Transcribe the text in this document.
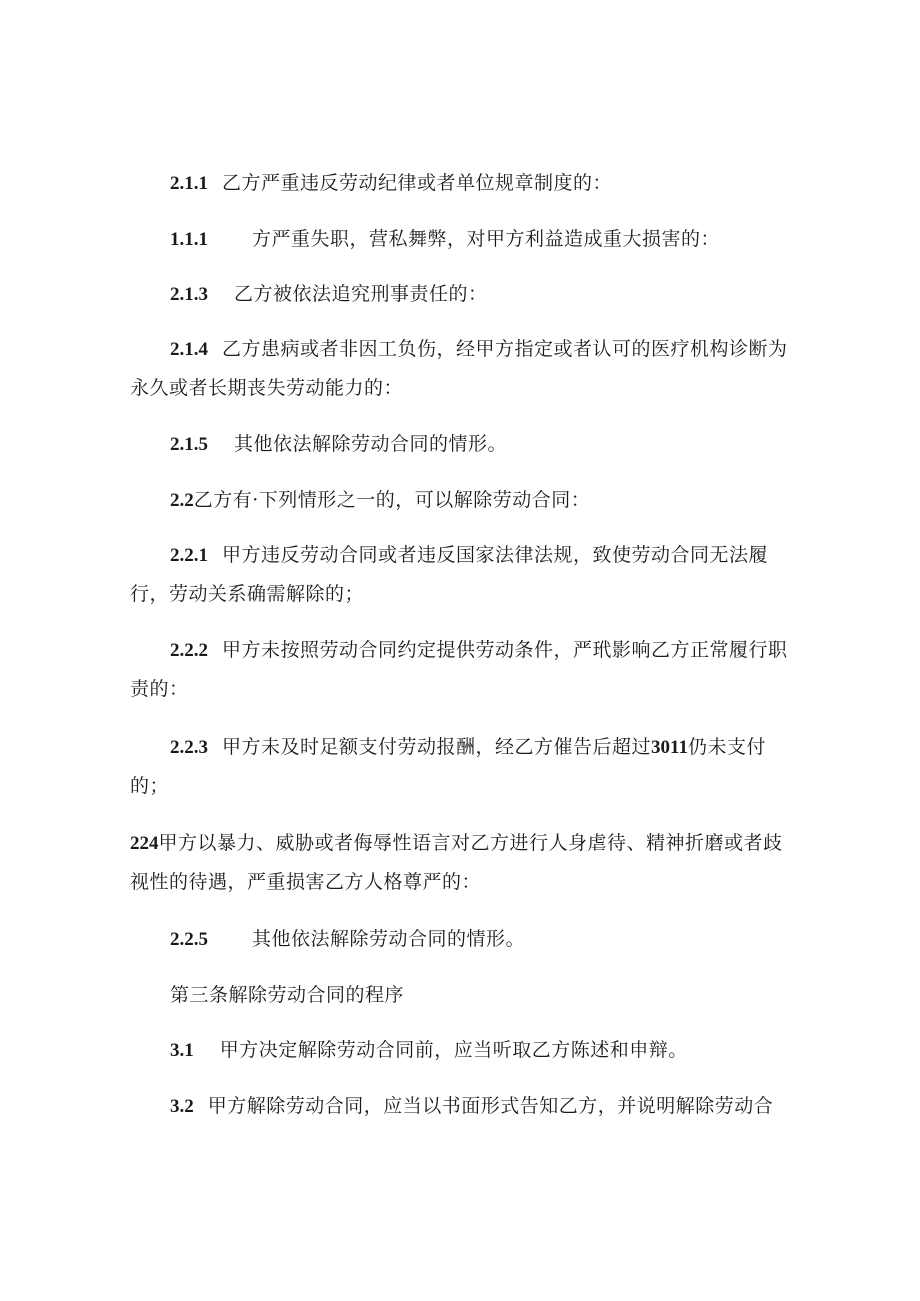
2.1.1 乙方严重违反劳动纪律或者单位规章制度的：
1.1.1 方严重失职，营私舞弊，对甲方利益造成重大损害的：
2.1.3 乙方被依法追究刑事责任的：
2.1.4 乙方患病或者非因工负伤，经甲方指定或者认可的医疗机构诊断为永久或者长期丧失劳动能力的：
2.1.5 其他依法解除劳动合同的情形。
2.2乙方有·下列情形之一的，可以解除劳动合同：
2.2.1 甲方违反劳动合同或者违反国家法律法规，致使劳动合同无法履行，劳动关系确需解除的；
2.2.2 甲方未按照劳动合同约定提供劳动条件，严玳影响乙方正常履行职责的：
2.2.3 甲方未及时足额支付劳动报酬，经乙方催告后超过3011仍未支付的；
224甲方以暴力、威胁或者侮辱性语言对乙方进行人身虐待、精神折磨或者歧视性的待遇，严重损害乙方人格尊严的：
2.2.5 其他依法解除劳动合同的情形。
第三条解除劳动合同的程序
3.1 甲方决定解除劳动合同前，应当听取乙方陈述和申辩。
3.2 甲方解除劳动合同，应当以书面形式告知乙方，并说明解除劳动合
